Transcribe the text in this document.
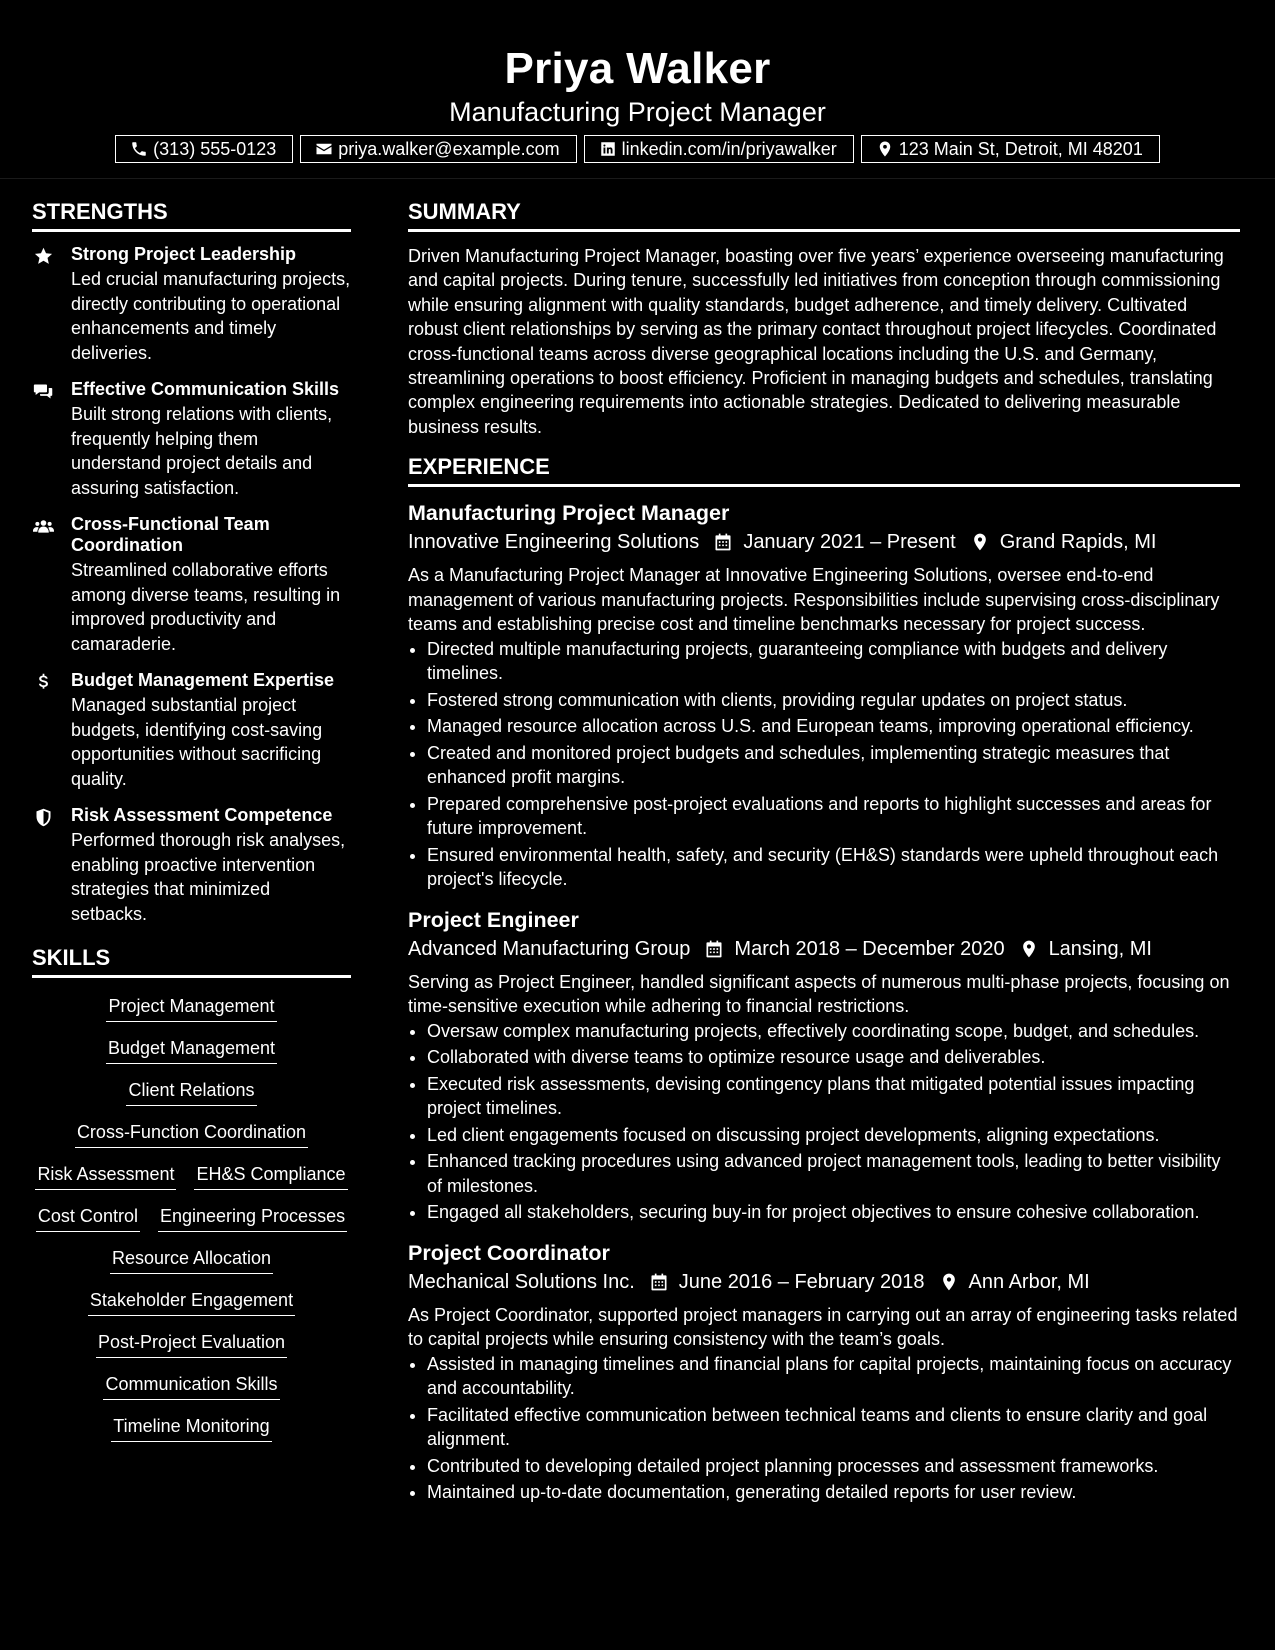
Priya Walker
Manufacturing Project Manager
(313) 555-0123	priya.walker@example.com	linkedin.com/in/priyawalker	123 Main St, Detroit, MI 48201
STRENGTHS
Strong Project Leadership
Led crucial manufacturing projects, directly contributing to operational enhancements and timely deliveries.
Effective Communication Skills
Built strong relations with clients, frequently helping them understand project details and assuring satisfaction.
Cross-Functional Team Coordination
Streamlined collaborative efforts among diverse teams, resulting in improved productivity and camaraderie.
Budget Management Expertise
Managed substantial project budgets, identifying cost-saving opportunities without sacrificing quality.
Risk Assessment Competence
Performed thorough risk analyses, enabling proactive intervention strategies that minimized setbacks.
SKILLS
Project Management
Budget Management
Client Relations
Cross-Function Coordination
Risk Assessment EH&S Compliance
Cost Control Engineering Processes
Resource Allocation
Stakeholder Engagement
Post-Project Evaluation
Communication Skills
Timeline Monitoring
SUMMARY

Driven Manufacturing Project Manager, boasting over five years’ experience overseeing manufacturing and capital projects. During tenure, successfully led initiatives from conception through commissioning while ensuring alignment with quality standards, budget adherence, and timely delivery. Cultivated robust client relationships by serving as the primary contact throughout project lifecycles. Coordinated cross-functional teams across diverse geographical locations including the U.S. and Germany, streamlining operations to boost efficiency. Proficient in managing budgets and schedules, translating complex engineering requirements into actionable strategies. Dedicated to delivering measurable business results.

EXPERIENCE
Manufacturing Project Manager
Innovative Engineering Solutions January 2021 – Present Grand Rapids, MI
As a Manufacturing Project Manager at Innovative Engineering Solutions, oversee end-to-end management of various manufacturing projects. Responsibilities include supervising cross-disciplinary teams and establishing precise cost and timeline benchmarks necessary for project success.
• Directed multiple manufacturing projects, guaranteeing compliance with budgets and delivery timelines.
• Fostered strong communication with clients, providing regular updates on project status.
• Managed resource allocation across U.S. and European teams, improving operational efficiency.
• Created and monitored project budgets and schedules, implementing strategic measures that enhanced profit margins.
• Prepared comprehensive post-project evaluations and reports to highlight successes and areas for future improvement.
• Ensured environmental health, safety, and security (EH&S) standards were upheld throughout each project's lifecycle.
Project Engineer
Advanced Manufacturing Group March 2018 – December 2020 Lansing, MI
Serving as Project Engineer, handled significant aspects of numerous multi-phase projects, focusing on time-sensitive execution while adhering to financial restrictions.
• Oversaw complex manufacturing projects, effectively coordinating scope, budget, and schedules.
• Collaborated with diverse teams to optimize resource usage and deliverables.
• Executed risk assessments, devising contingency plans that mitigated potential issues impacting project timelines.
• Led client engagements focused on discussing project developments, aligning expectations.
• Enhanced tracking procedures using advanced project management tools, leading to better visibility of milestones.
• Engaged all stakeholders, securing buy-in for project objectives to ensure cohesive collaboration.
Project Coordinator
Mechanical Solutions Inc. June 2016 – February 2018 Ann Arbor, MI
As Project Coordinator, supported project managers in carrying out an array of engineering tasks related to capital projects while ensuring consistency with the team’s goals.
• Assisted in managing timelines and financial plans for capital projects, maintaining focus on accuracy and accountability.
• Facilitated effective communication between technical teams and clients to ensure clarity and goal alignment.
• Contributed to developing detailed project planning processes and assessment frameworks.
• Maintained up-to-date documentation, generating detailed reports for user review.
